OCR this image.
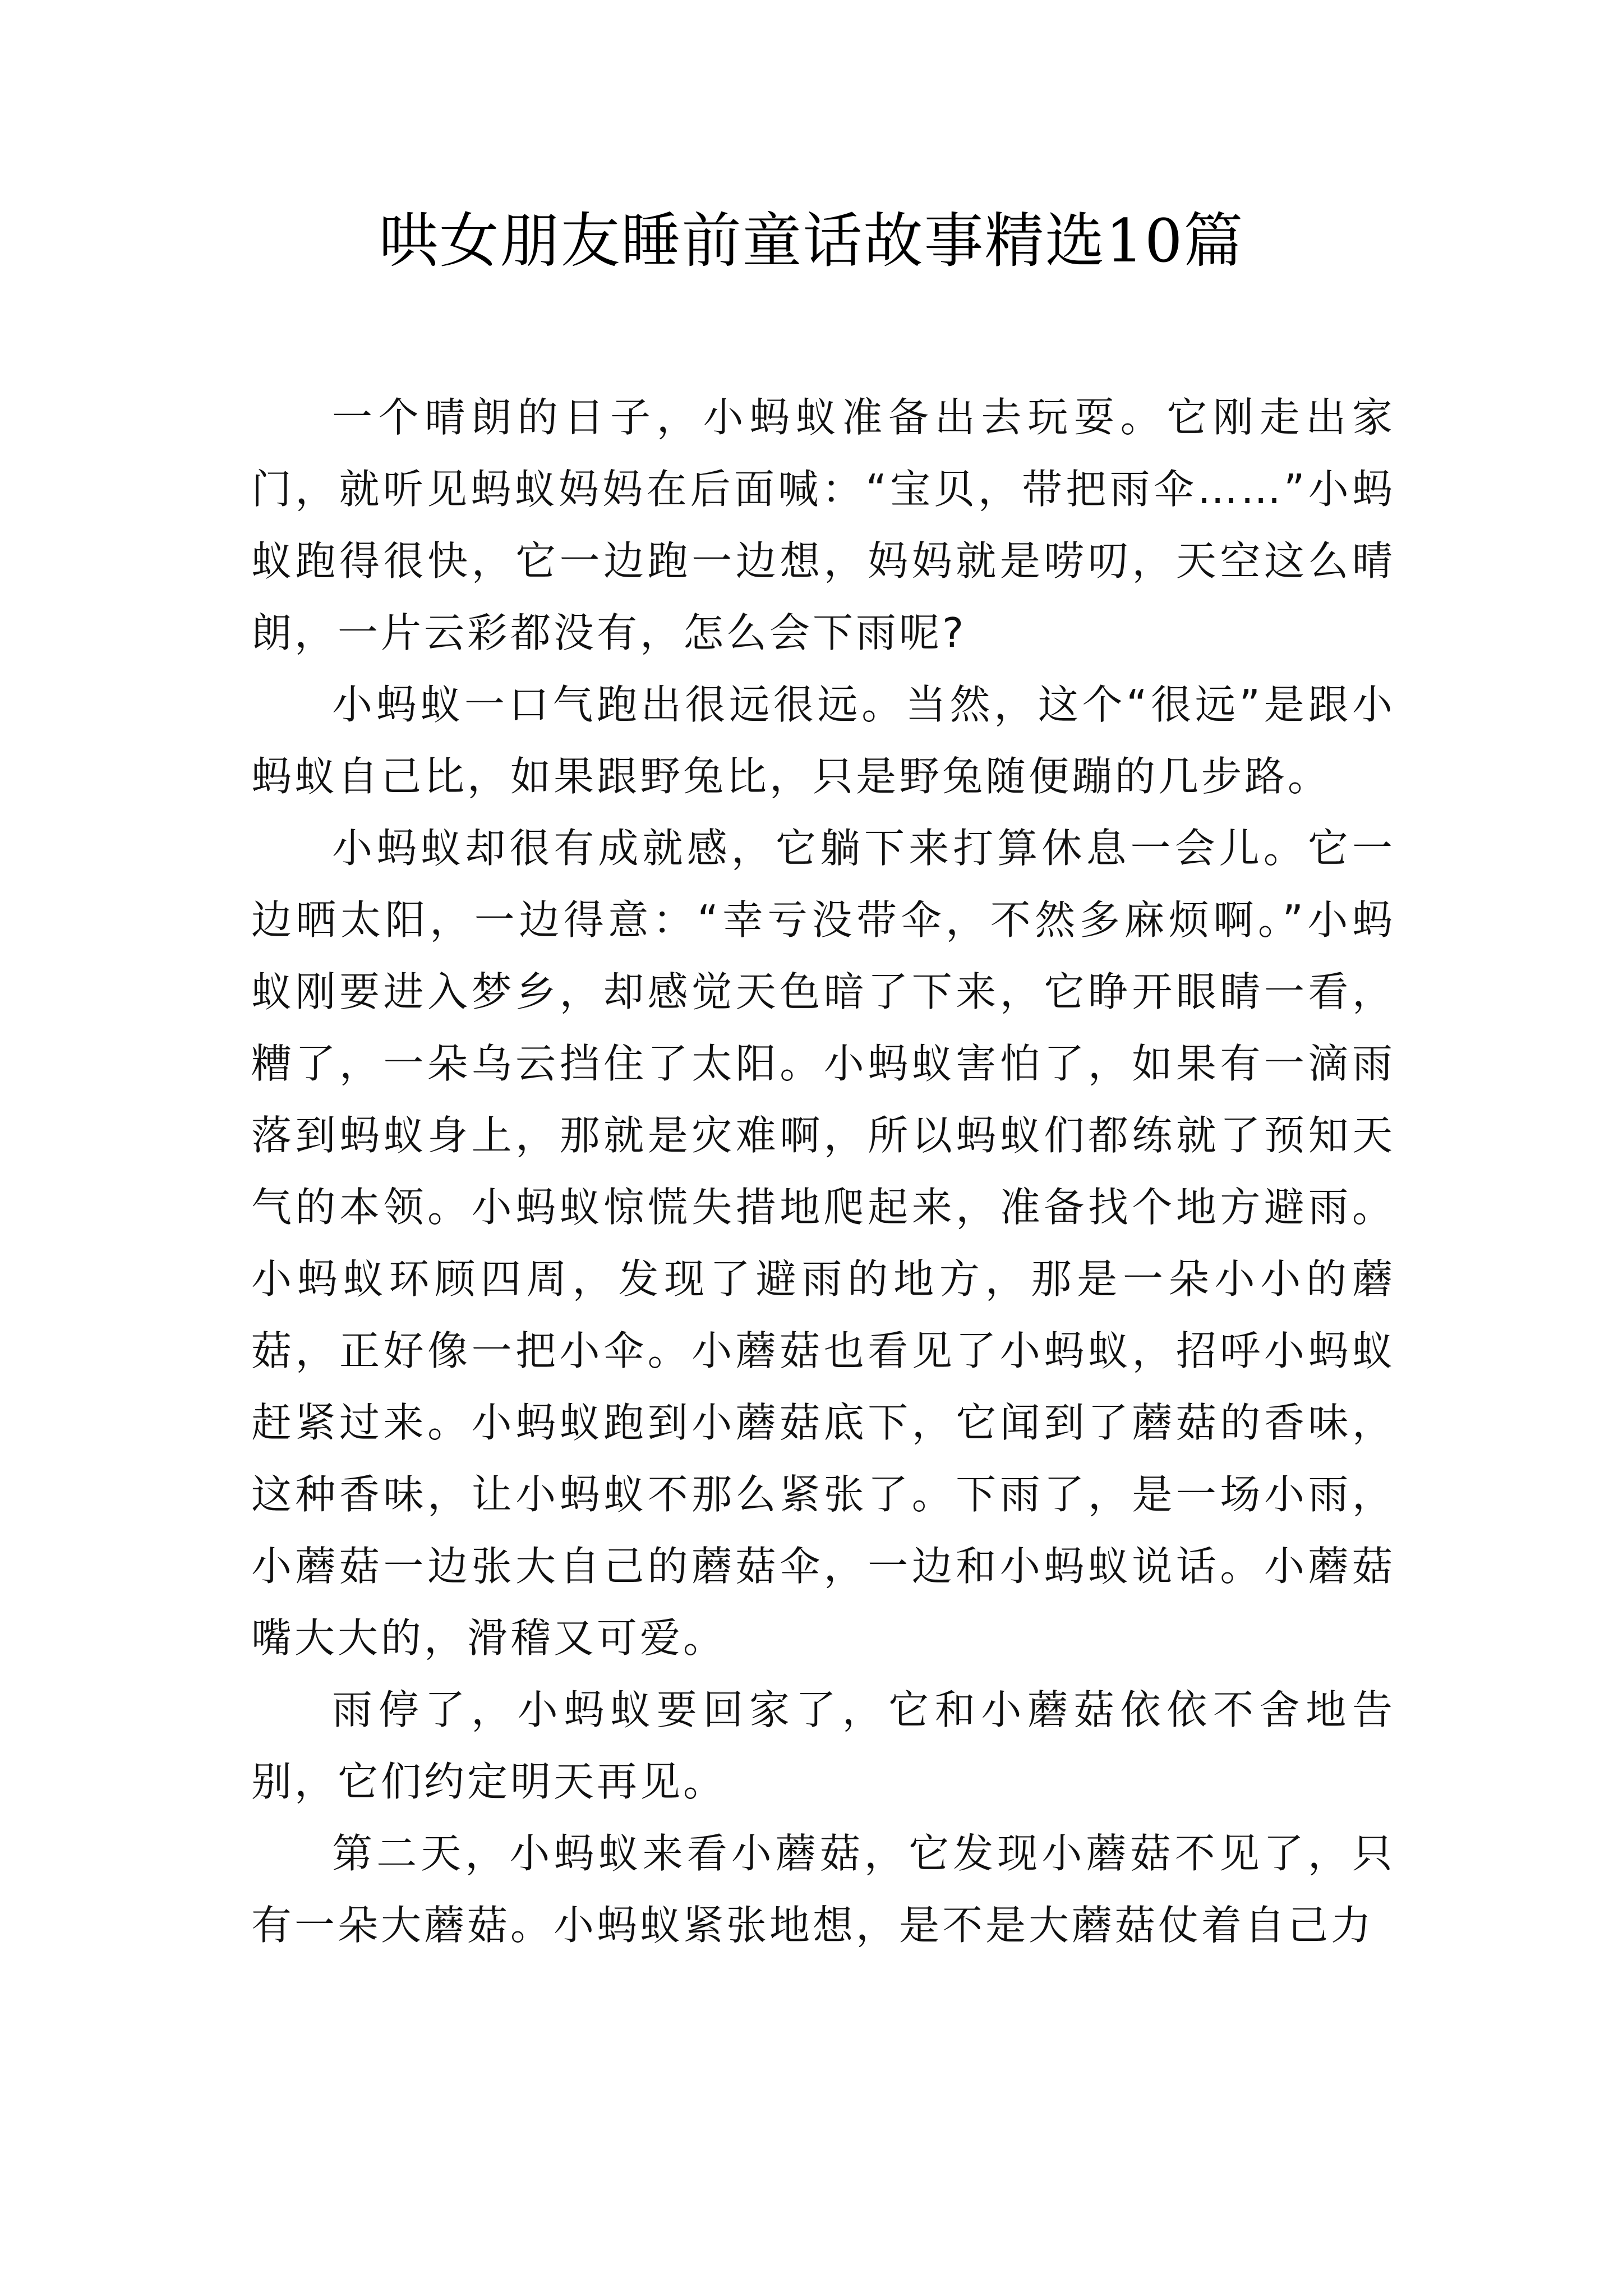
哄女朋友睡前童话故事精选10篇

一个晴朗的日子，小蚂蚁准备出去玩耍。它刚走出家门，就听见蚂蚁妈妈在后面喊：“宝贝，带把雨伞……”小蚂蚁跑得很快，它一边跑一边想，妈妈就是唠叨，天空这么晴朗，一片云彩都没有，怎么会下雨呢?

小蚂蚁一口气跑出很远很远。当然，这个“很远”是跟小蚂蚁自己比，如果跟野兔比，只是野兔随便蹦的几步路。

小蚂蚁却很有成就感，它躺下来打算休息一会儿。它一边晒太阳，一边得意：“幸亏没带伞，不然多麻烦啊。”小蚂蚁刚要进入梦乡，却感觉天色暗了下来，它睁开眼睛一看，糟了，一朵乌云挡住了太阳。小蚂蚁害怕了，如果有一滴雨落到蚂蚁身上，那就是灾难啊，所以蚂蚁们都练就了预知天气的本领。小蚂蚁惊慌失措地爬起来，准备找个地方避雨。小蚂蚁环顾四周，发现了避雨的地方，那是一朵小小的蘑菇，正好像一把小伞。小蘑菇也看见了小蚂蚁，招呼小蚂蚁赶紧过来。小蚂蚁跑到小蘑菇底下，它闻到了蘑菇的香味，这种香味，让小蚂蚁不那么紧张了。下雨了，是一场小雨，小蘑菇一边张大自己的蘑菇伞，一边和小蚂蚁说话。小蘑菇嘴大大的，滑稽又可爱。

雨停了，小蚂蚁要回家了，它和小蘑菇依依不舍地告别，它们约定明天再见。

第二天，小蚂蚁来看小蘑菇，它发现小蘑菇不见了，只有一朵大蘑菇。小蚂蚁紧张地想，是不是大蘑菇仗着自己力
